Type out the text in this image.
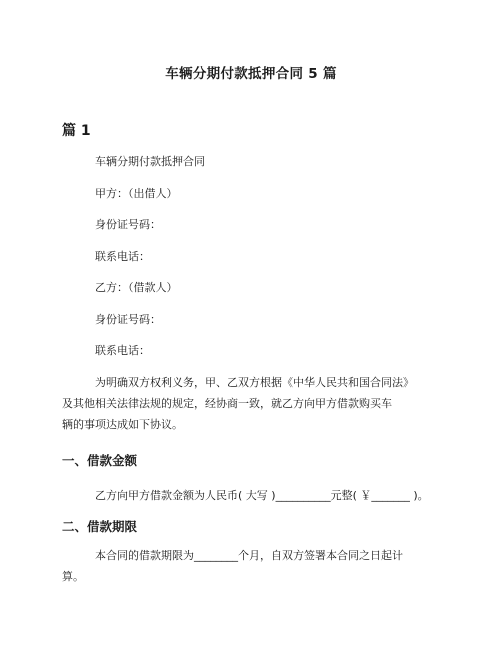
车辆分期付款抵押合同 5 篇
篇 1
车辆分期付款抵押合同
甲方：（出借人）
身份证号码：
联系电话：
乙方：（借款人）
身份证号码：
联系电话：
为明确双方权利义务，甲、乙双方根据《中华人民共和国合同法》
及其他相关法律法规的规定，经协商一致，就乙方向甲方借款购买车
辆的事项达成如下协议。
一、借款金额
乙方向甲方借款金额为人民币( 大写 )__________元整( ￥_______ )。
二、借款期限
本合同的借款期限为________个月，自双方签署本合同之日起计
算。
